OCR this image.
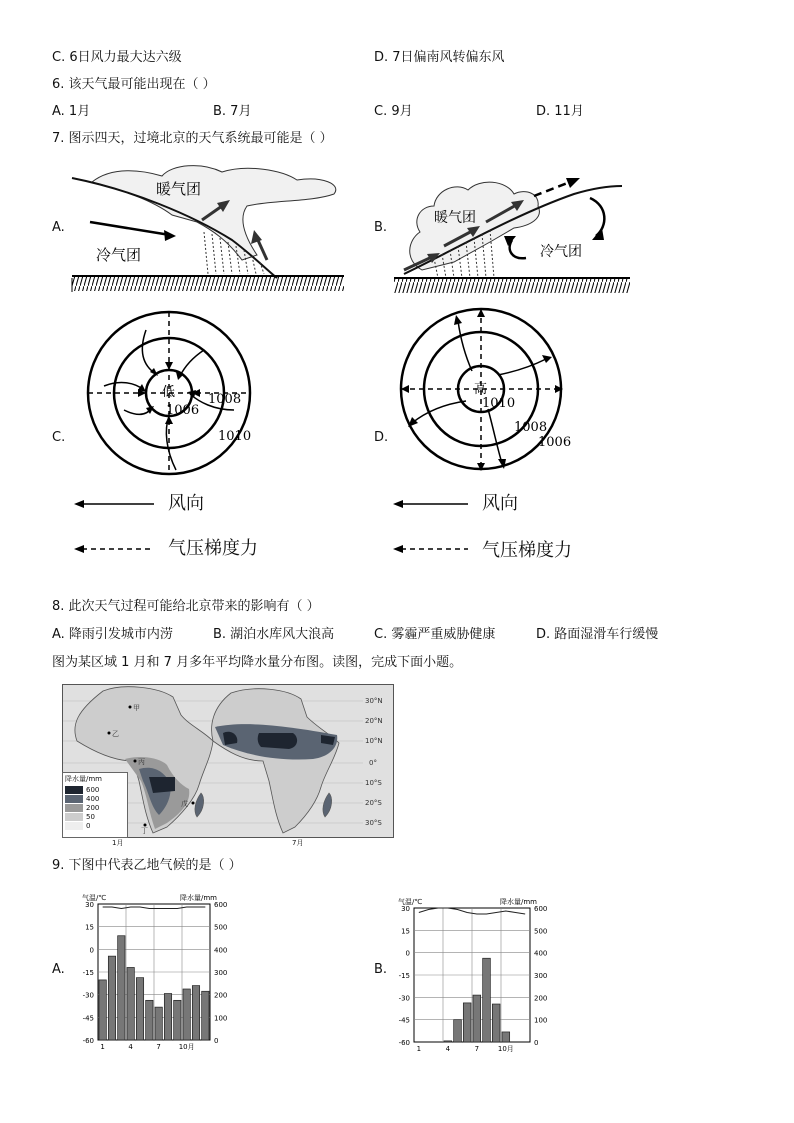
C. 6日风力最大达六级	D. 7日偏南风转偏东风
6. 该天气最可能出现在（ ）
A. 1月	B. 7月	C. 9月	D. 11月
7. 图示四天，过境北京的天气系统最可能是（ ）
A.
暖气团
冷气团
B.
暖气团
冷气团
C.
低
1006
1008
1010	D.
高
1010
1008
1006
风向
气压梯度力
风向
气压梯度力
8. 此次天气过程可能给北京带来的影响有（ ）
A. 降雨引发城市内涝	B. 湖泊水库风大浪高	C. 雾霾严重威胁健康	D. 路面湿滑车行缓慢
图为某区域 1 月和 7 月多年平均降水量分布图。读图，完成下面小题。
甲
乙
丙
丁
戊
30°N
20°N
10°N
0°
10°S
20°S
30°S
1月	7月
降水量/mm
600
400
200
50
0
9. 下图中代表乙地气候的是（ ）
A.	B.
气温/℃	降水量/mm
30
15
0
-15
-30
-45
-60
600
500
400
300
200
100
0
1	4	7	10月
气温/℃	降水量/mm
30
15
0
-15
-30
-45
-60
600
500
400
300
200
100
0
1	4	7	10月
